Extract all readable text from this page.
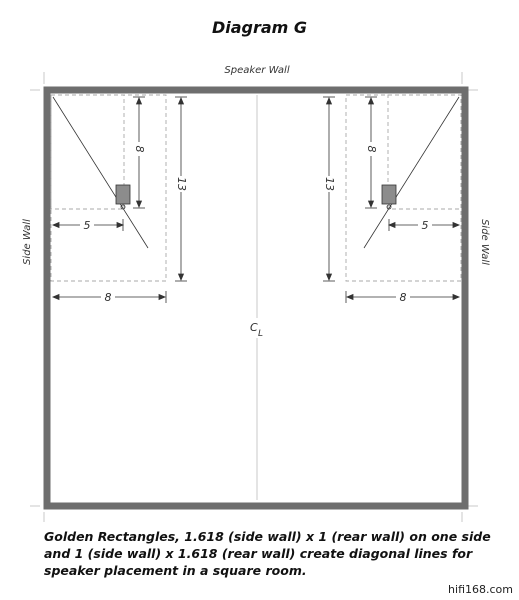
Diagram G
8
13
5
8
8
13
5
8
Speaker Wall
Side Wall	Side Wall
C L
Golden Rectangles, 1.618 (side wall) x 1 (rear wall) on one side
and 1 (side wall) x 1.618 (rear wall) create diagonal lines for
speaker placement in a square room.
hifi168.com
